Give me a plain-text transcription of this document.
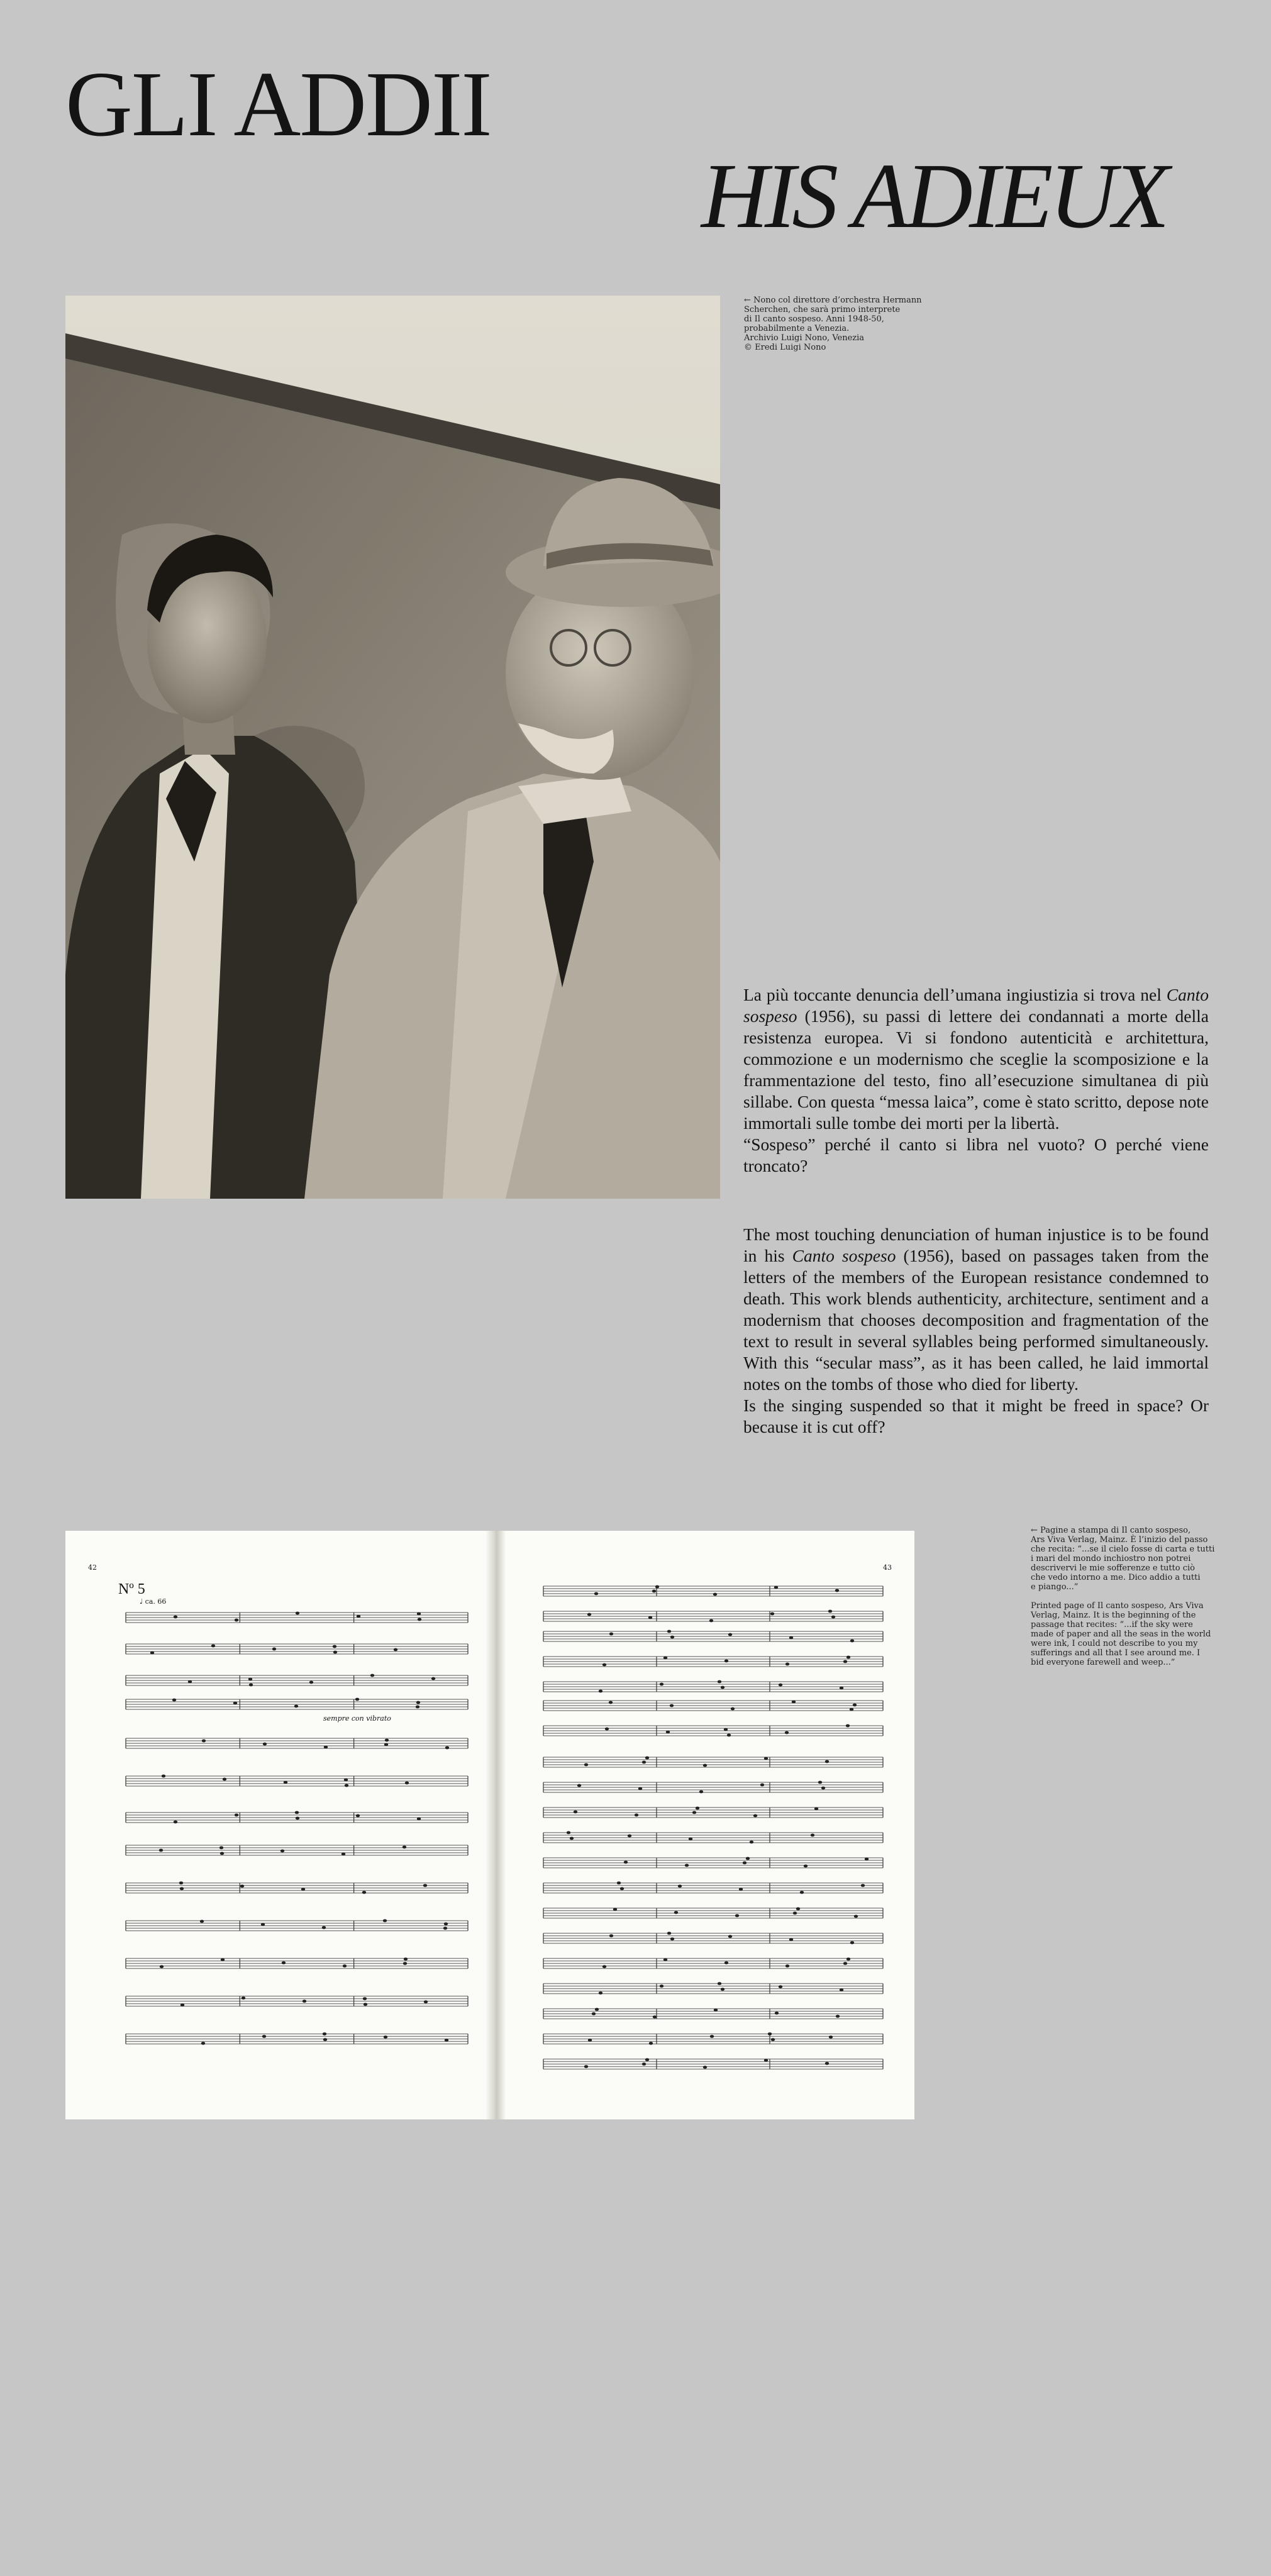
GLI ADDII
HIS ADIEUX

← Nono col direttore d’orchestra Hermann
Scherchen, che sarà primo interprete
di Il canto sospeso. Anni 1948-50,
probabilmente a Venezia.
Archivio Luigi Nono, Venezia
© Eredi Luigi Nono

La più toccante denuncia dell’umana ingiustizia si trova nel Canto sospeso (1956), su passi di lettere dei condannati a morte della resistenza europea. Vi si fondono autenticità e architettura, commozione e un modernismo che sceglie la scomposizione e la frammentazione del testo, fino all’esecuzione simultanea di più sillabe. Con questa “messa laica”, come è stato scritto, depose note immortali sulle tombe dei morti per la libertà.

“Sospeso” perché il canto si libra nel vuoto? O perché viene troncato?

The most touching denunciation of human injustice is to be found in his Canto sospeso (1956), based on passages taken from the letters of the members of the European resistance condemned to death. This work blends authenticity, architecture, sentiment and a modernism that chooses decomposition and fragmentation of the text to result in several syllables being performed simultaneously. With this “secular mass”, as it has been called, he laid immortal notes on the tombs of those who died for liberty.

Is the singing suspended so that it might be freed in space? Or because it is cut off?

42	43
Nº 5
♩ ca. 66
sempre con vibrato

← Pagine a stampa di Il canto sospeso,
Ars Viva Verlag, Mainz. È l’inizio del passo
che recita: “...se il cielo fosse di carta e tutti
i mari del mondo inchiostro non potrei
descrivervi le mie sofferenze e tutto ciò
che vedo intorno a me. Dico addio a tutti
e piango...”

Printed page of Il canto sospeso, Ars Viva
Verlag, Mainz. It is the beginning of the
passage that recites: “...if the sky were
made of paper and all the seas in the world
were ink, I could not describe to you my
sufferings and all that I see around me. I
bid everyone farewell and weep...”
